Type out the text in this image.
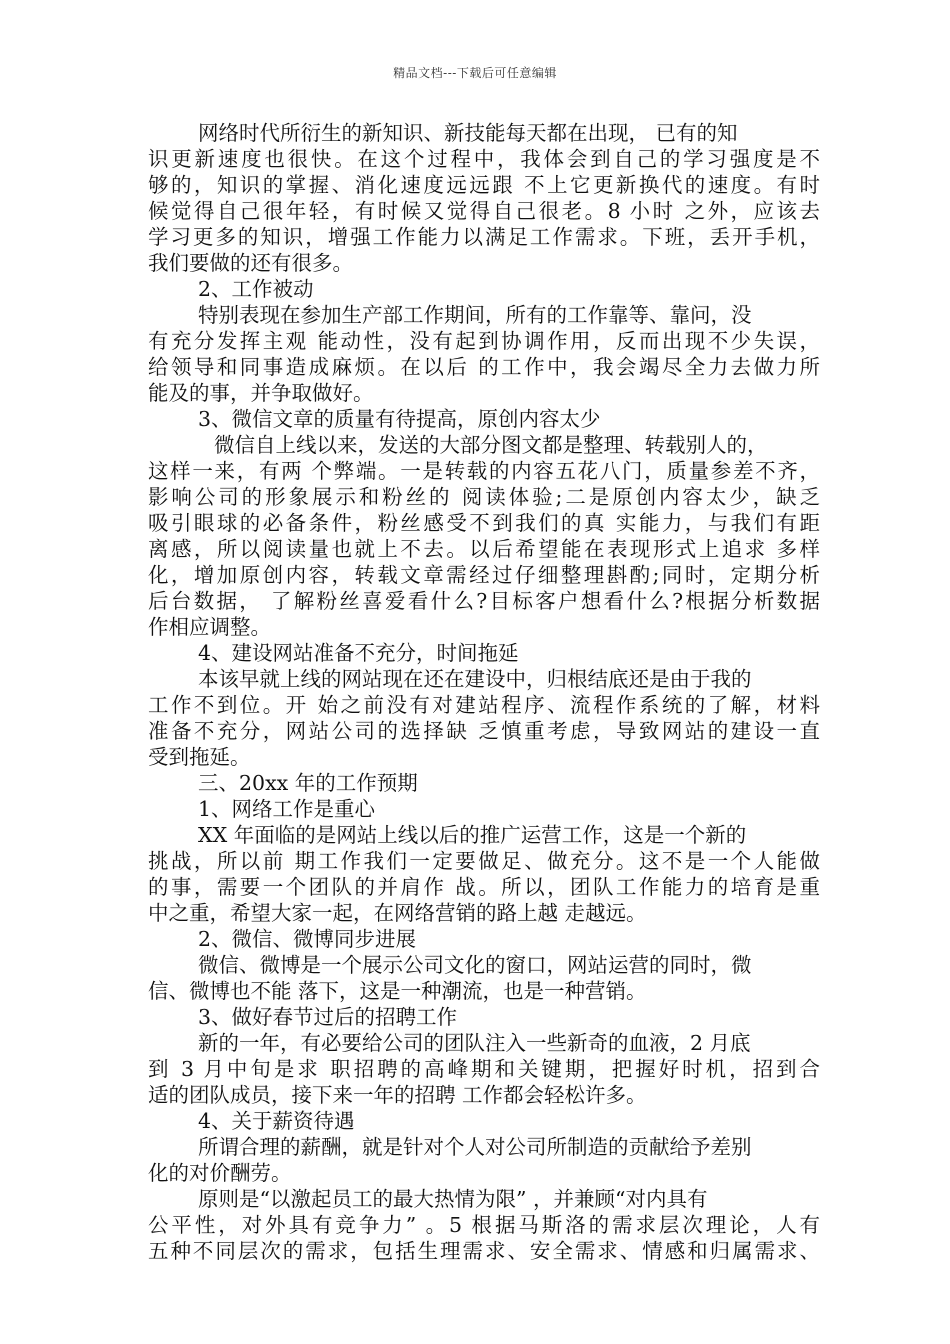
精品文档---下载后可任意编辑
网络时代所衍生的新知识、新技能每天都在出现， 已有的知
识更新速度也很快。在这个过程中，我体会到自己的学习强度是不
够的，知识的掌握、消化速度远远跟 不上它更新换代的速度。有时
候觉得自己很年轻，有时候又觉得自己很老。8 小时 之外，应该去
学习更多的知识，增强工作能力以满足工作需求。下班，丢开手机，
我们要做的还有很多。
2、工作被动
特别表现在参加生产部工作期间，所有的工作靠等、靠问，没
有充分发挥主观 能动性，没有起到协调作用，反而出现不少失误，
给领导和同事造成麻烦。在以后 的工作中，我会竭尽全力去做力所
能及的事，并争取做好。
3、微信文章的质量有待提高，原创内容太少
微信自上线以来，发送的大部分图文都是整理、转载别人的，
这样一来，有两 个弊端。一是转载的内容五花八门，质量参差不齐，
影响公司的形象展示和粉丝的 阅读体验;二是原创内容太少，缺乏
吸引眼球的必备条件，粉丝感受不到我们的真 实能力，与我们有距
离感，所以阅读量也就上不去。以后希望能在表现形式上追求 多样
化，增加原创内容，转载文章需经过仔细整理斟酌;同时，定期分析
后台数据， 了解粉丝喜爱看什么?目标客户想看什么?根据分析数据
作相应调整。
4、建设网站准备不充分，时间拖延
本该早就上线的网站现在还在建设中，归根结底还是由于我的
工作不到位。开 始之前没有对建站程序、流程作系统的了解，材料
准备不充分，网站公司的选择缺 乏慎重考虑，导致网站的建设一直
受到拖延。
三、20xx 年的工作预期
1、网络工作是重心
XX 年面临的是网站上线以后的推广运营工作，这是一个新的
挑战，所以前 期工作我们一定要做足、做充分。这不是一个人能做
的事，需要一个团队的并肩作 战。所以，团队工作能力的培育是重
中之重，希望大家一起，在网络营销的路上越 走越远。
2、微信、微博同步进展
微信、微博是一个展示公司文化的窗口，网站运营的同时，微
信、微博也不能 落下，这是一种潮流，也是一种营销。
3、做好春节过后的招聘工作
新的一年，有必要给公司的团队注入一些新奇的血液，2 月底
到 3 月中旬是求 职招聘的高峰期和关键期，把握好时机，招到合
适的团队成员，接下来一年的招聘 工作都会轻松许多。
4、关于薪资待遇
所谓合理的薪酬，就是针对个人对公司所制造的贡献给予差别
化的对价酬劳。
原则是“以激起员工的最大热情为限” ，并兼顾“对内具有
公平性，对外具有竞争力” 。5 根据马斯洛的需求层次理论，人有
五种不同层次的需求，包括生理需求、安全需求、情感和归属需求、
